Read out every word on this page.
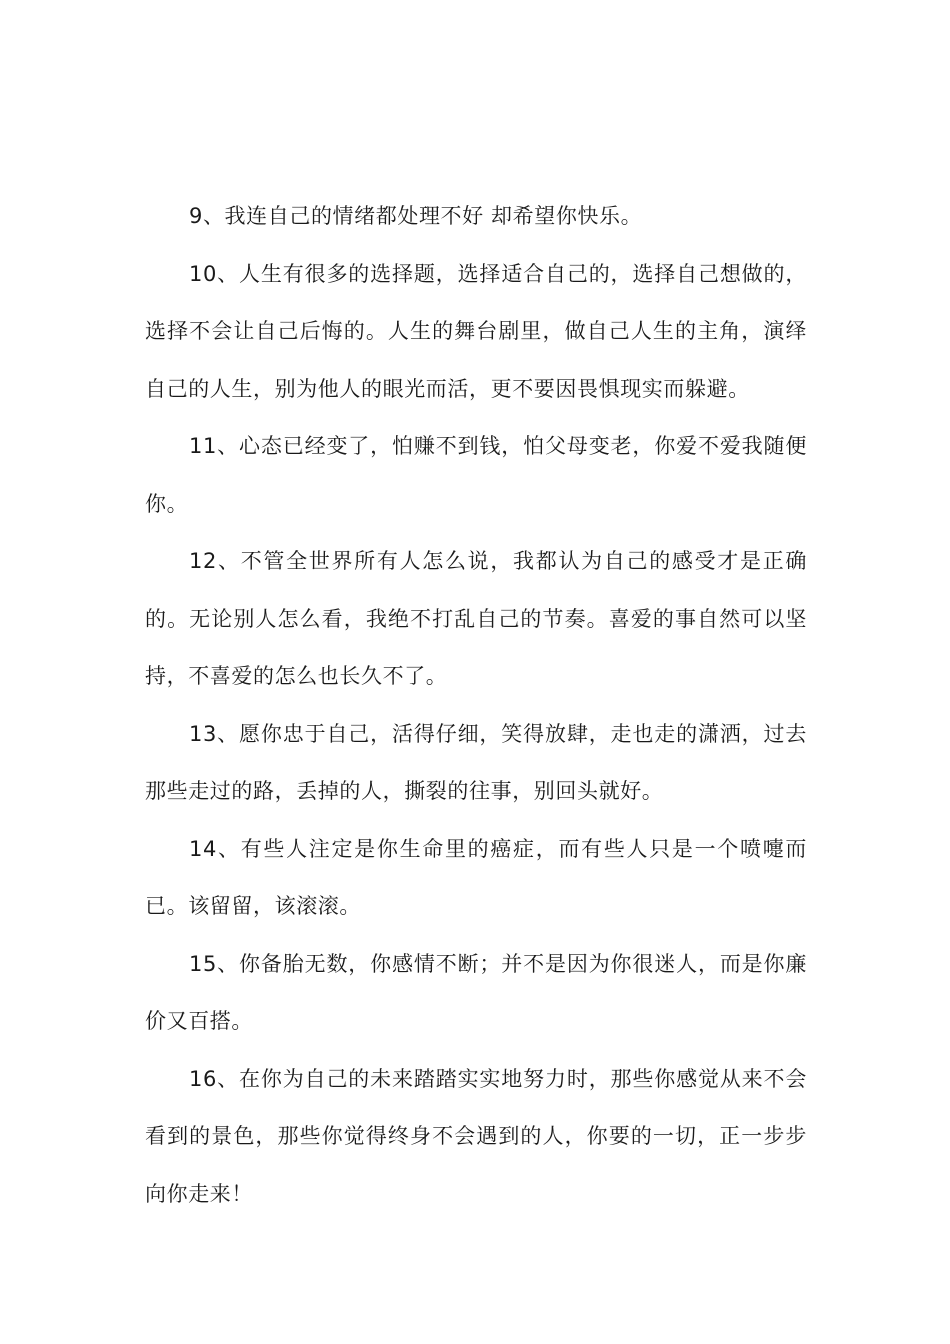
9、我连自己的情绪都处理不好 却希望你快乐。

10、人生有很多的选择题，选择适合自己的，选择自己想做的，选择不会让自己后悔的。人生的舞台剧里，做自己人生的主角，演绎自己的人生，别为他人的眼光而活，更不要因畏惧现实而躲避。

11、心态已经变了，怕赚不到钱，怕父母变老，你爱不爱我随便你。

12、不管全世界所有人怎么说，我都认为自己的感受才是正确的。无论别人怎么看，我绝不打乱自己的节奏。喜爱的事自然可以坚持，不喜爱的怎么也长久不了。

13、愿你忠于自己，活得仔细，笑得放肆，走也走的潇洒，过去那些走过的路，丢掉的人，撕裂的往事，别回头就好。

14、有些人注定是你生命里的癌症，而有些人只是一个喷嚏而已。该留留，该滚滚。

15、你备胎无数，你感情不断；并不是因为你很迷人，而是你廉价又百搭。

16、在你为自己的未来踏踏实实地努力时，那些你感觉从来不会看到的景色，那些你觉得终身不会遇到的人，你要的一切，正一步步向你走来！
